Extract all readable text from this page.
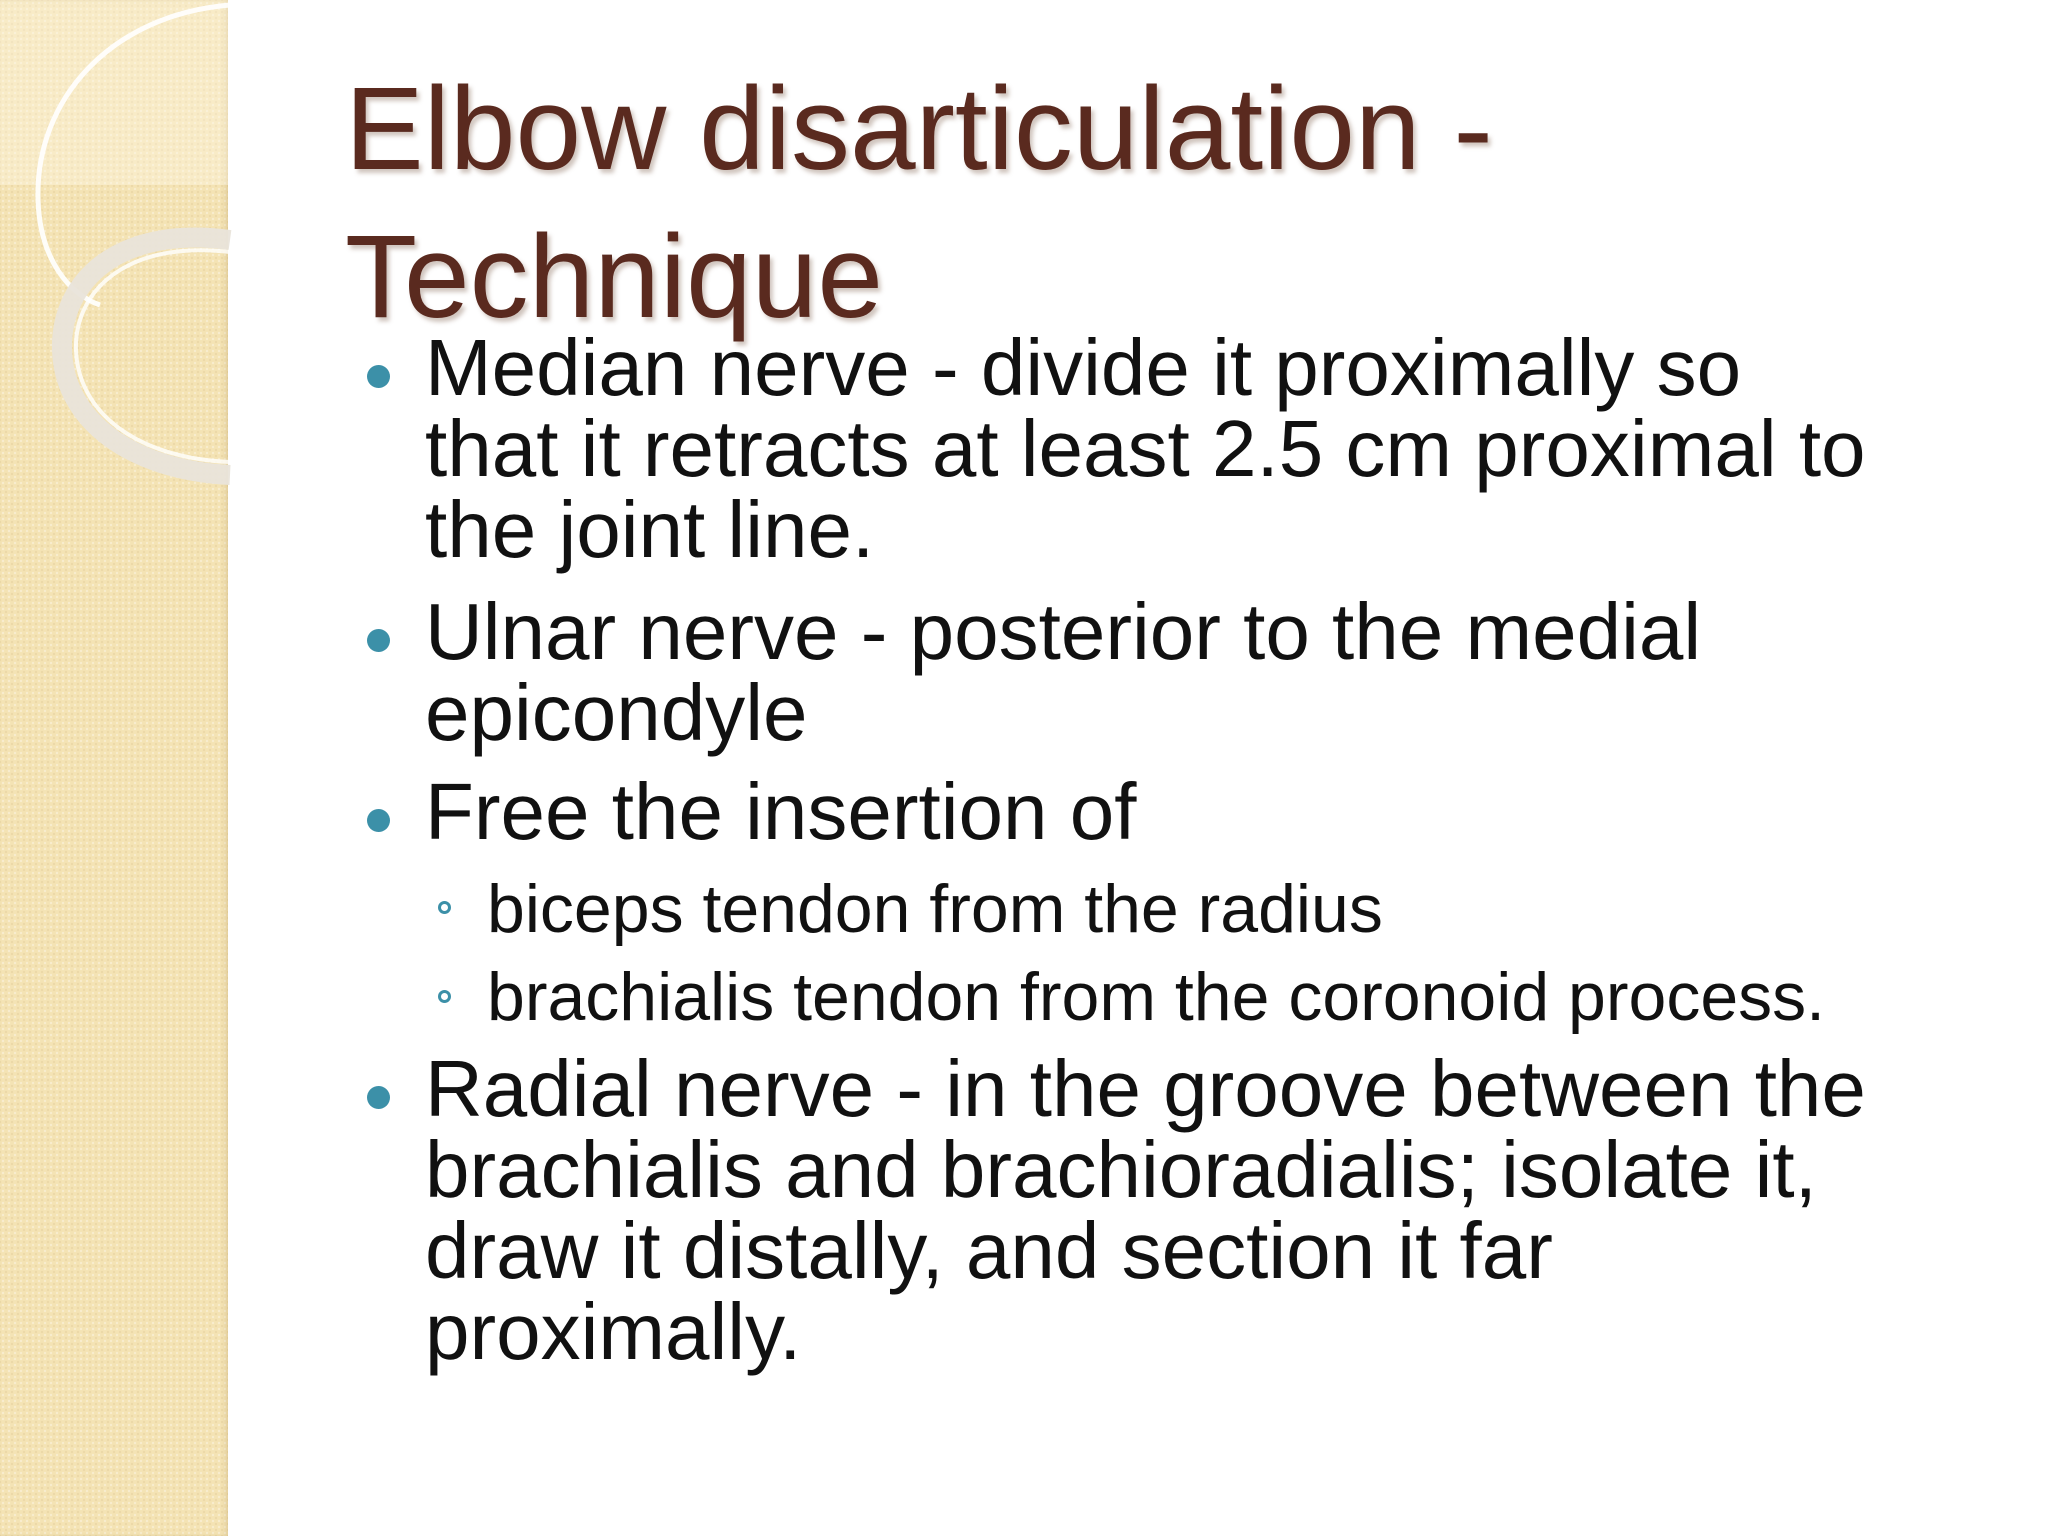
Elbow disarticulation -
Technique
Median nerve - divide it proximally so
that it retracts at least 2.5 cm proximal to
the joint line.
Ulnar nerve - posterior to the medial
epicondyle
Free the insertion of
biceps tendon from the radius
brachialis tendon from the coronoid process.
Radial nerve - in the groove between the
brachialis and brachioradialis; isolate it,
draw it distally, and section it far
proximally.
